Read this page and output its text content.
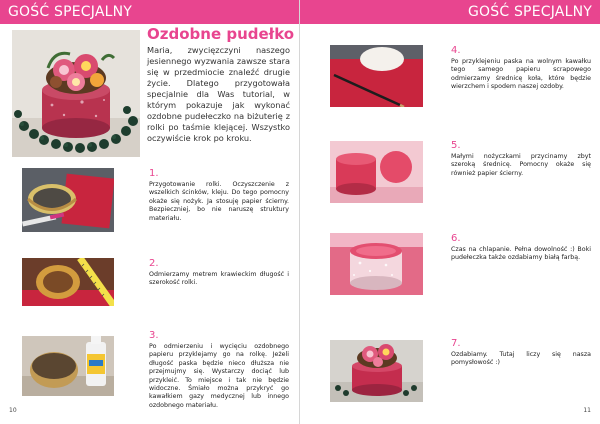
GOŚĆ SPECJALNY
Ozdobne pudełko

Maria, zwycięzczyni naszego jesiennego wyzwania zawsze stara się w przedmiocie znaleźć drugie życie. Dlatego przygotowała specjalnie dla Was tutorial, w którym pokazuje jak wykonać ozdobne pudełeczko na biżuterię z rolki po taśmie klejącej. Wszystko oczywiście krok po kroku.

1.

Przygotowanie rolki. Oczyszczenie z wszelkich ścinków, kleju. Do tego pomocny okaże się nożyk. Ja stosuję papier ścierny. Bezpieczniej, bo nie naruszę struktury materiału.

2.

Odmierzamy metrem krawieckim długość i szerokość rolki.

3.

Po odmierzeniu i wycięciu ozdobnego papieru przyklejamy go na rolkę. Jeżeli długość paska będzie nieco dłuższa nie przejmujmy się. Wystarczy dociąć lub przykleić. To miejsce i tak nie będzie widoczne. Śmiało można przykryć go kawałkiem gazy medycznej lub innego ozdobnego materiału.

10
GOŚĆ SPECJALNY
4.

Po przyklejeniu paska na wolnym kawałku tego samego papieru scrapowego odmierzamy średnicę koła, które będzie wierzchem i spodem naszej ozdoby.

5.

Małymi nożyczkami przycinamy zbyt szeroką średnicę. Pomocny okaże się również papier ścierny.

6.

Czas na chlapanie. Pełna dowolność :) Boki pudełeczka także ozdabiamy białą farbą.

7.

Ozdabiamy. Tutaj liczy się nasza pomysłowość :)

11
